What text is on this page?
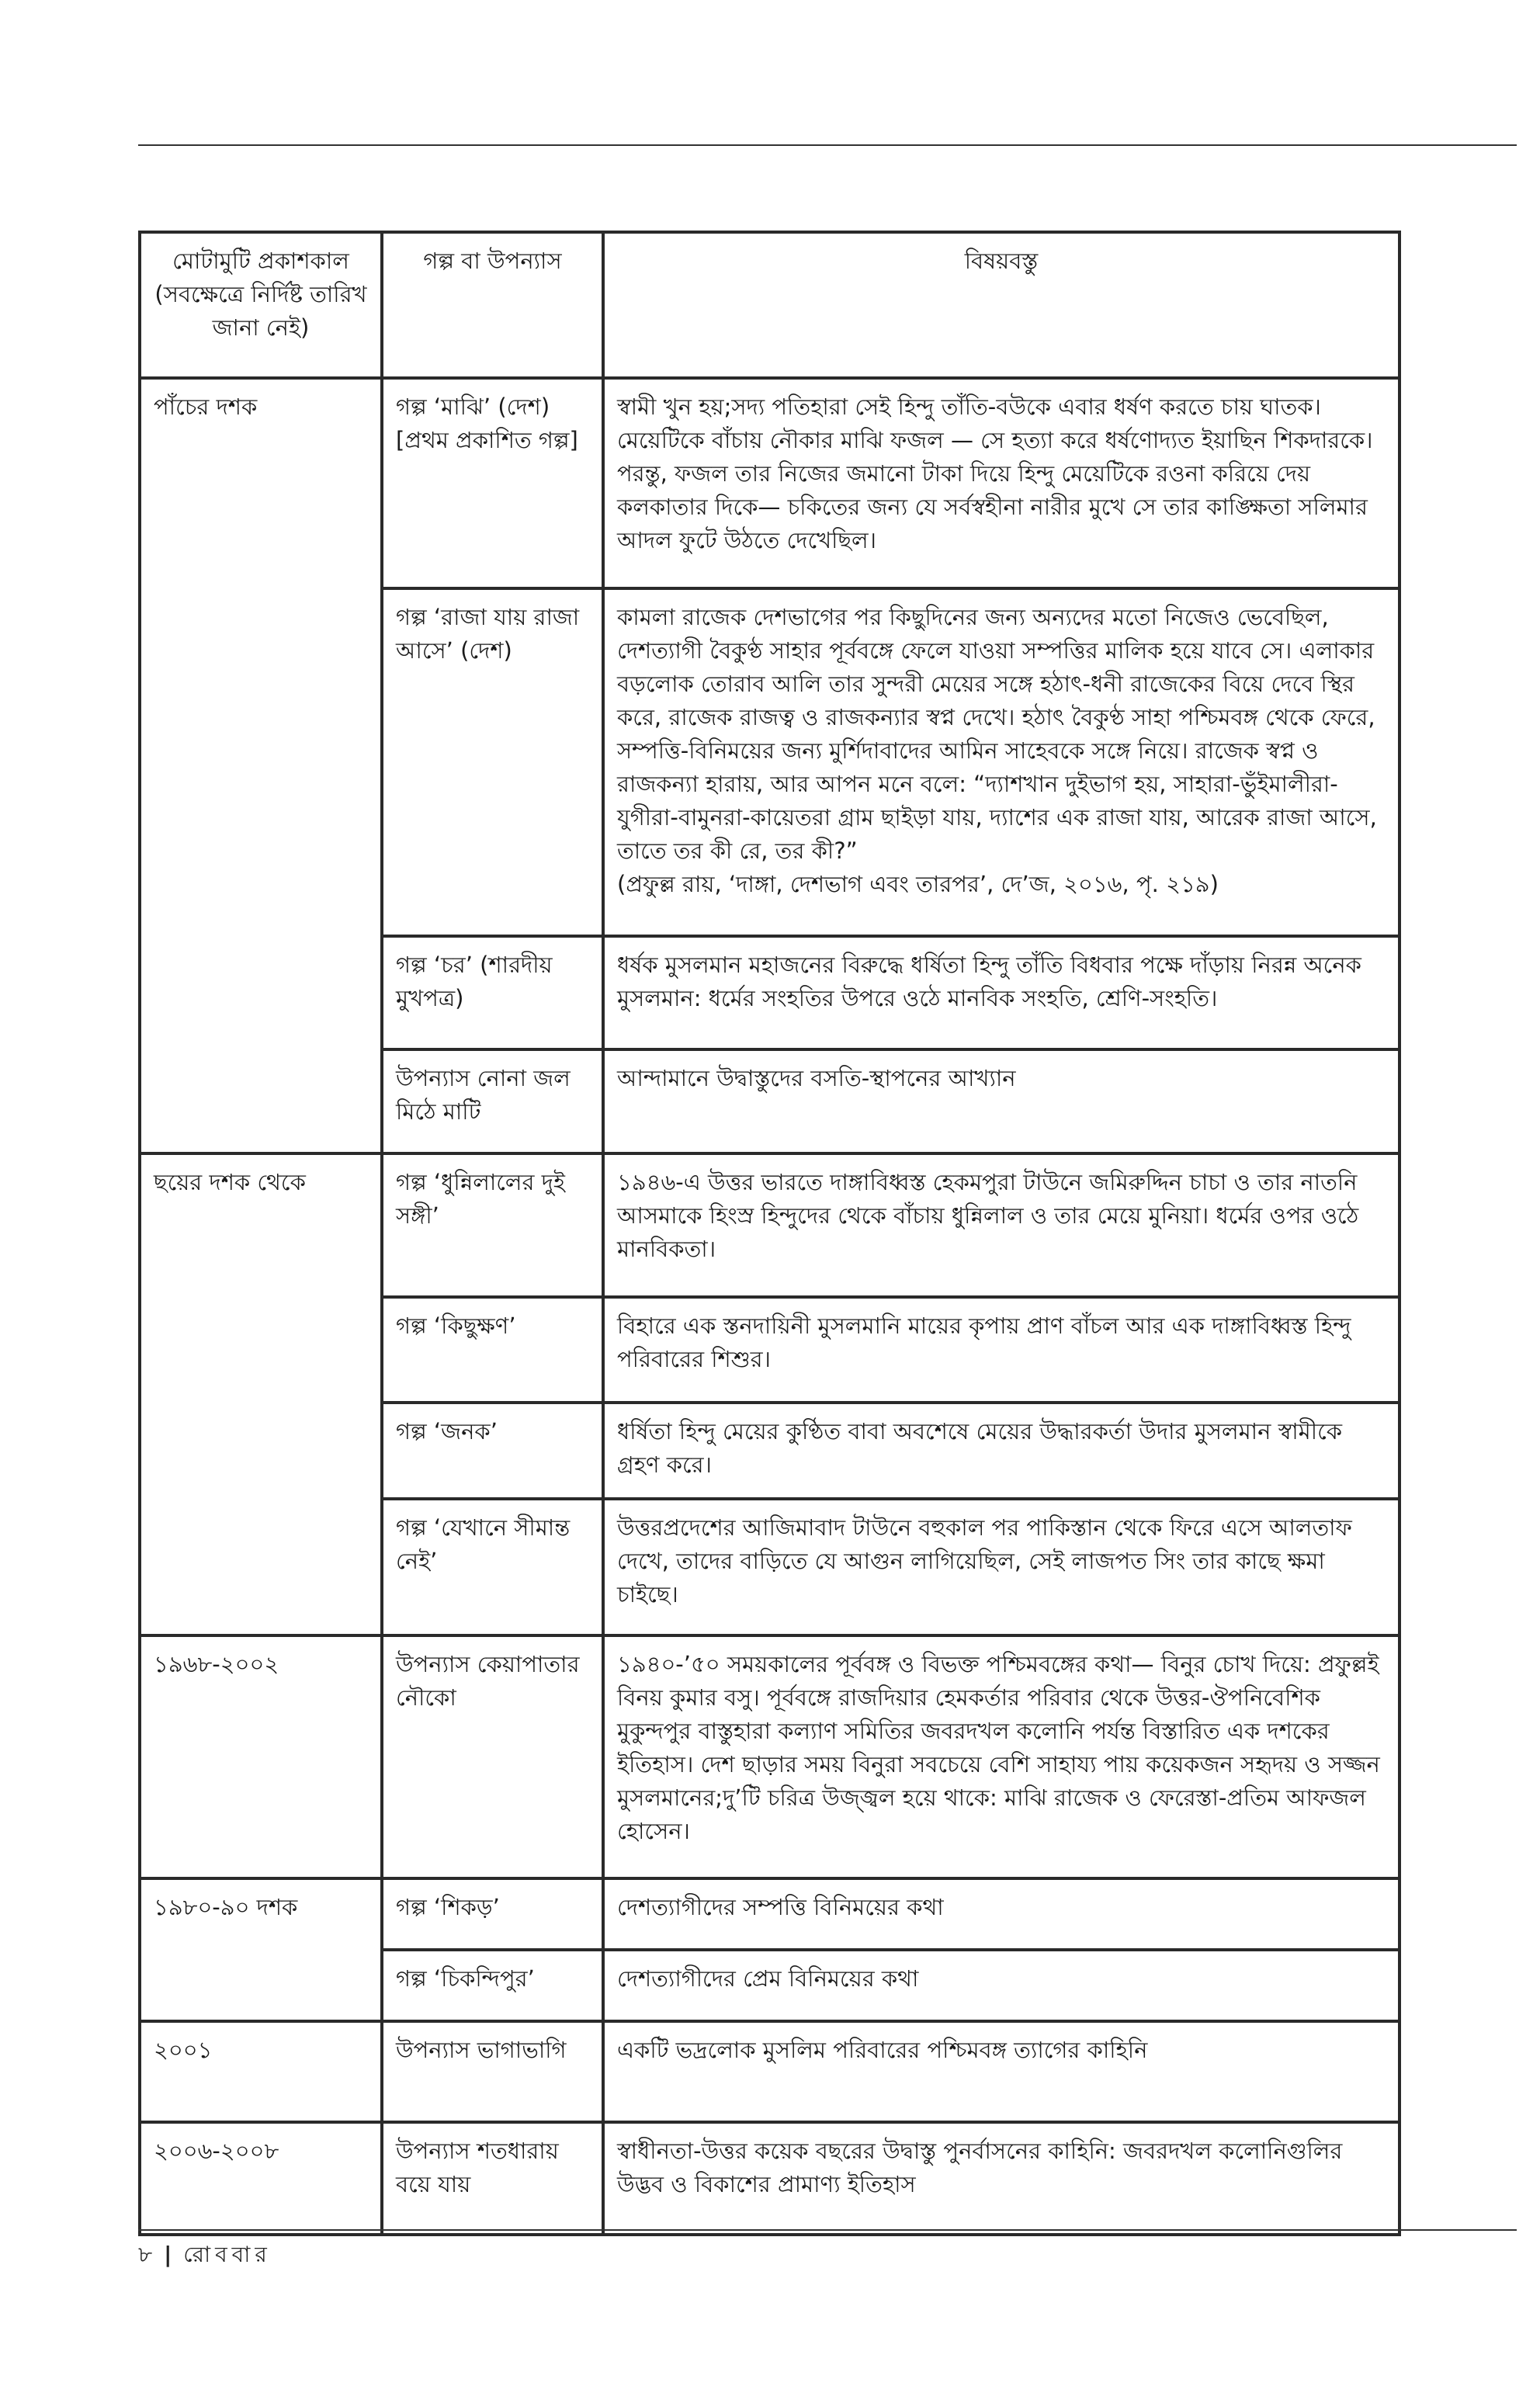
মোটামুটি প্রকাশকাল (সবক্ষেত্রে নির্দিষ্ট তারিখ জানা নেই)	গল্প বা উপন্যাস	বিষয়বস্তু
পাঁচের দশক	গল্প ‘মাঝি’ (দেশ) [প্রথম প্রকাশিত গল্প]	স্বামী খুন হয়;সদ্য পতিহারা সেই হিন্দু তাঁতি-বউকে এবার ধর্ষণ করতে চায় ঘাতক। মেয়েটিকে বাঁচায় নৌকার মাঝি ফজল — সে হত্যা করে ধর্ষণোদ্যত ইয়াছিন শিকদারকে। পরন্তু, ফজল তার নিজের জমানো টাকা দিয়ে হিন্দু মেয়েটিকে রওনা করিয়ে দেয় কলকাতার দিকে— চকিতের জন্য যে সর্বস্বহীনা নারীর মুখে সে তার কাঙ্ক্ষিতা সলিমার আদল ফুটে উঠতে দেখেছিল।
	গল্প ‘রাজা যায় রাজা আসে’ (দেশ)	কামলা রাজেক দেশভাগের পর কিছুদিনের জন্য অন্যদের মতো নিজেও ভেবেছিল, দেশত্যাগী বৈকুণ্ঠ সাহার পূর্ববঙ্গে ফেলে যাওয়া সম্পত্তির মালিক হয়ে যাবে সে। এলাকার বড়লোক তোরাব আলি তার সুন্দরী মেয়ের সঙ্গে হঠাৎ-ধনী রাজেকের বিয়ে দেবে স্থির করে, রাজেক রাজত্ব ও রাজকন্যার স্বপ্ন দেখে। হঠাৎ বৈকুণ্ঠ সাহা পশ্চিমবঙ্গ থেকে ফেরে, সম্পত্তি-বিনিময়ের জন্য মুর্শিদাবাদের আমিন সাহেবকে সঙ্গে নিয়ে। রাজেক স্বপ্ন ও রাজকন্যা হারায়, আর আপন মনে বলে: “দ্যাশখান দুইভাগ হয়, সাহারা-ভুঁইমালীরা-যুগীরা-বামুনরা-কায়েতরা গ্রাম ছাইড়া যায়, দ্যাশের এক রাজা যায়, আরেক রাজা আসে, তাতে তর কী রে, তর কী?”
(প্রফুল্ল রায়, ‘দাঙ্গা, দেশভাগ এবং তারপর’, দে’জ, ২০১৬, পৃ. ২১৯)

	গল্প ‘চর’ (শারদীয় মুখপত্র)	ধর্ষক মুসলমান মহাজনের বিরুদ্ধে ধর্ষিতা হিন্দু তাঁতি বিধবার পক্ষে দাঁড়ায় নিরন্ন অনেক মুসলমান: ধর্মের সংহতির উপরে ওঠে মানবিক সংহতি, শ্রেণি-সংহতি।
	উপন্যাস নোনা জল মিঠে মাটি	আন্দামানে উদ্বাস্তুদের বসতি-স্থাপনের আখ্যান
ছয়ের দশক থেকে	গল্প ‘ধুন্নিলালের দুই সঙ্গী’	১৯৪৬-এ উত্তর ভারতে দাঙ্গাবিধ্বস্ত হেকমপুরা টাউনে জমিরুদ্দিন চাচা ও তার নাতনি আসমাকে হিংস্র হিন্দুদের থেকে বাঁচায় ধুন্নিলাল ও তার মেয়ে মুনিয়া। ধর্মের ওপর ওঠে মানবিকতা।
	গল্প ‘কিছুক্ষণ’	বিহারে এক স্তনদায়িনী মুসলমানি মায়ের কৃপায় প্রাণ বাঁচল আর এক দাঙ্গাবিধ্বস্ত হিন্দু পরিবারের শিশুর।
	গল্প ‘জনক’	ধর্ষিতা হিন্দু মেয়ের কুণ্ঠিত বাবা অবশেষে মেয়ের উদ্ধারকর্তা উদার মুসলমান স্বামীকে গ্রহণ করে।
	গল্প ‘যেখানে সীমান্ত নেই’	উত্তরপ্রদেশের আজিমাবাদ টাউনে বহুকাল পর পাকিস্তান থেকে ফিরে এসে আলতাফ দেখে, তাদের বাড়িতে যে আগুন লাগিয়েছিল, সেই লাজপত সিং তার কাছে ক্ষমা চাইছে।
১৯৬৮-২০০২	উপন্যাস কেয়াপাতার নৌকো	১৯৪০-’৫০ সময়কালের পূর্ববঙ্গ ও বিভক্ত পশ্চিমবঙ্গের কথা— বিনুর চোখ দিয়ে: প্রফুল্লই বিনয় কুমার বসু। পূর্ববঙ্গে রাজদিয়ার হেমকর্তার পরিবার থেকে উত্তর-ঔপনিবেশিক মুকুন্দপুর বাস্তুহারা কল্যাণ সমিতির জবরদখল কলোনি পর্যন্ত বিস্তারিত এক দশকের ইতিহাস। দেশ ছাড়ার সময় বিনুরা সবচেয়ে বেশি সাহায্য পায় কয়েকজন সহৃদয় ও সজ্জন মুসলমানের;দু’টি চরিত্র উজ্জ্বল হয়ে থাকে: মাঝি রাজেক ও ফেরেস্তা-প্রতিম আফজল হোসেন।
১৯৮০-৯০ দশক	গল্প ‘শিকড়’	দেশত্যাগীদের সম্পত্তি বিনিময়ের কথা
	গল্প ‘চিকন্দিপুর’	দেশত্যাগীদের প্রেম বিনিময়ের কথা
২০০১	উপন্যাস ভাগাভাগি	একটি ভদ্রলোক মুসলিম পরিবারের পশ্চিমবঙ্গ ত্যাগের কাহিনি
২০০৬-২০০৮	উপন্যাস শতধারায় বয়ে যায়	স্বাধীনতা-উত্তর কয়েক বছরের উদ্বাস্তু পুনর্বাসনের কাহিনি: জবরদখল কলোনিগুলির উদ্ভব ও বিকাশের প্রামাণ্য ইতিহাস
৮ | রোববার
